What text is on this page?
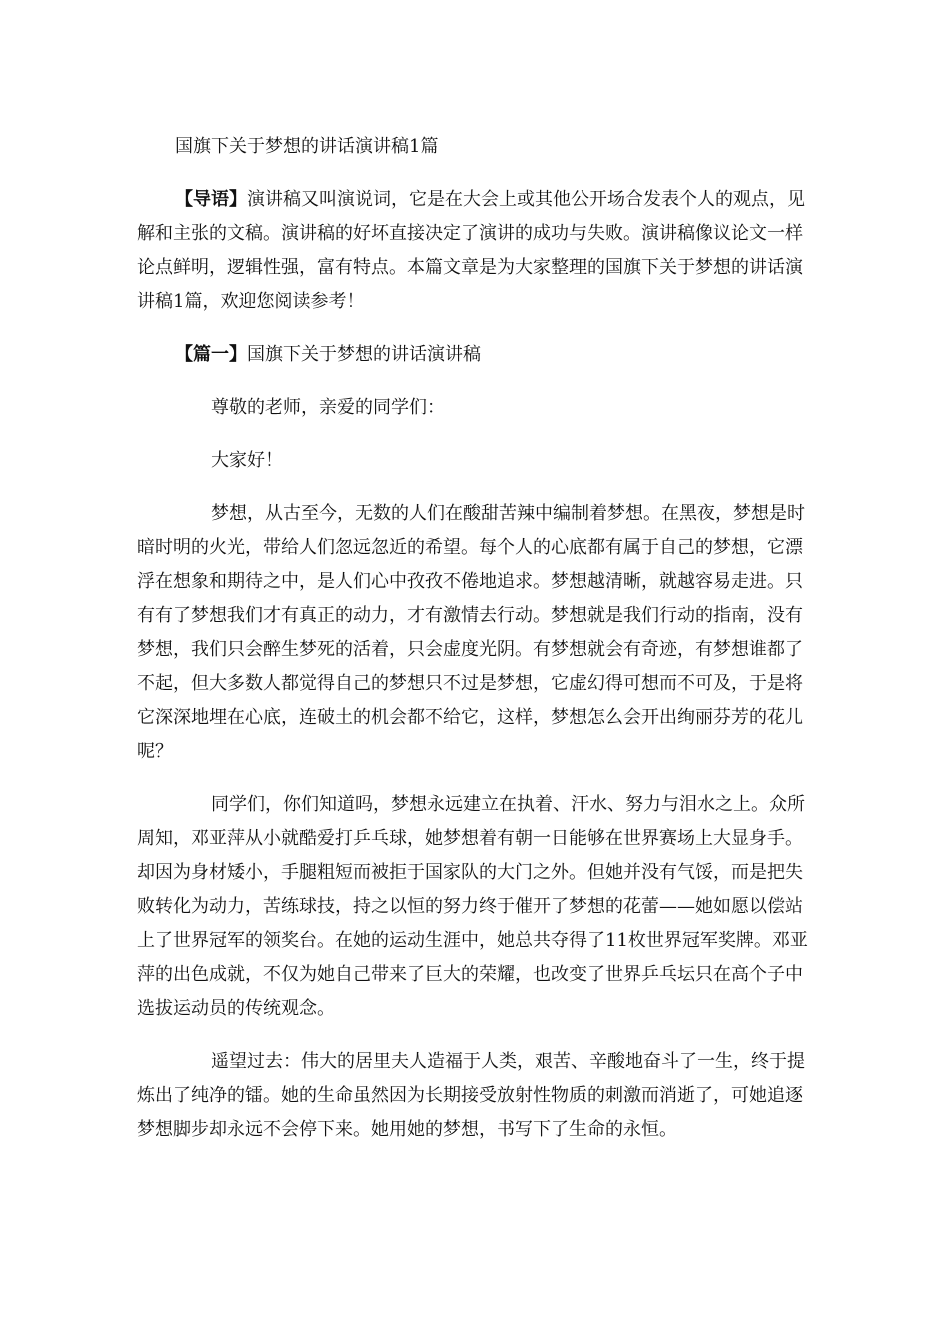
国旗下关于梦想的讲话演讲稿1篇

【导语】演讲稿又叫演说词，它是在大会上或其他公开场合发表个人的观点，见解和主张的文稿。演讲稿的好坏直接决定了演讲的成功与失败。演讲稿像议论文一样论点鲜明，逻辑性强，富有特点。本篇文章是为大家整理的国旗下关于梦想的讲话演讲稿1篇，欢迎您阅读参考！

【篇一】国旗下关于梦想的讲话演讲稿

尊敬的老师，亲爱的同学们：

大家好！

梦想，从古至今，无数的人们在酸甜苦辣中编制着梦想。在黑夜，梦想是时暗时明的火光，带给人们忽远忽近的希望。每个人的心底都有属于自己的梦想，它漂浮在想象和期待之中，是人们心中孜孜不倦地追求。梦想越清晰，就越容易走进。只有有了梦想我们才有真正的动力，才有激情去行动。梦想就是我们行动的指南，没有梦想，我们只会醉生梦死的活着，只会虚度光阴。有梦想就会有奇迹，有梦想谁都了不起，但大多数人都觉得自己的梦想只不过是梦想，它虚幻得可想而不可及，于是将它深深地埋在心底，连破土的机会都不给它，这样，梦想怎么会开出绚丽芬芳的花儿呢？

同学们，你们知道吗，梦想永远建立在执着、汗水、努力与泪水之上。众所周知，邓亚萍从小就酷爱打乒乓球，她梦想着有朝一日能够在世界赛场上大显身手。却因为身材矮小，手腿粗短而被拒于国家队的大门之外。但她并没有气馁，而是把失败转化为动力，苦练球技，持之以恒的努力终于催开了梦想的花蕾——她如愿以偿站上了世界冠军的领奖台。在她的运动生涯中，她总共夺得了11枚世界冠军奖牌。邓亚萍的出色成就，不仅为她自己带来了巨大的荣耀，也改变了世界乒乓坛只在高个子中选拔运动员的传统观念。

遥望过去：伟大的居里夫人造福于人类，艰苦、辛酸地奋斗了一生，终于提炼出了纯净的镭。她的生命虽然因为长期接受放射性物质的刺激而消逝了，可她追逐梦想脚步却永远不会停下来。她用她的梦想，书写下了生命的永恒。
